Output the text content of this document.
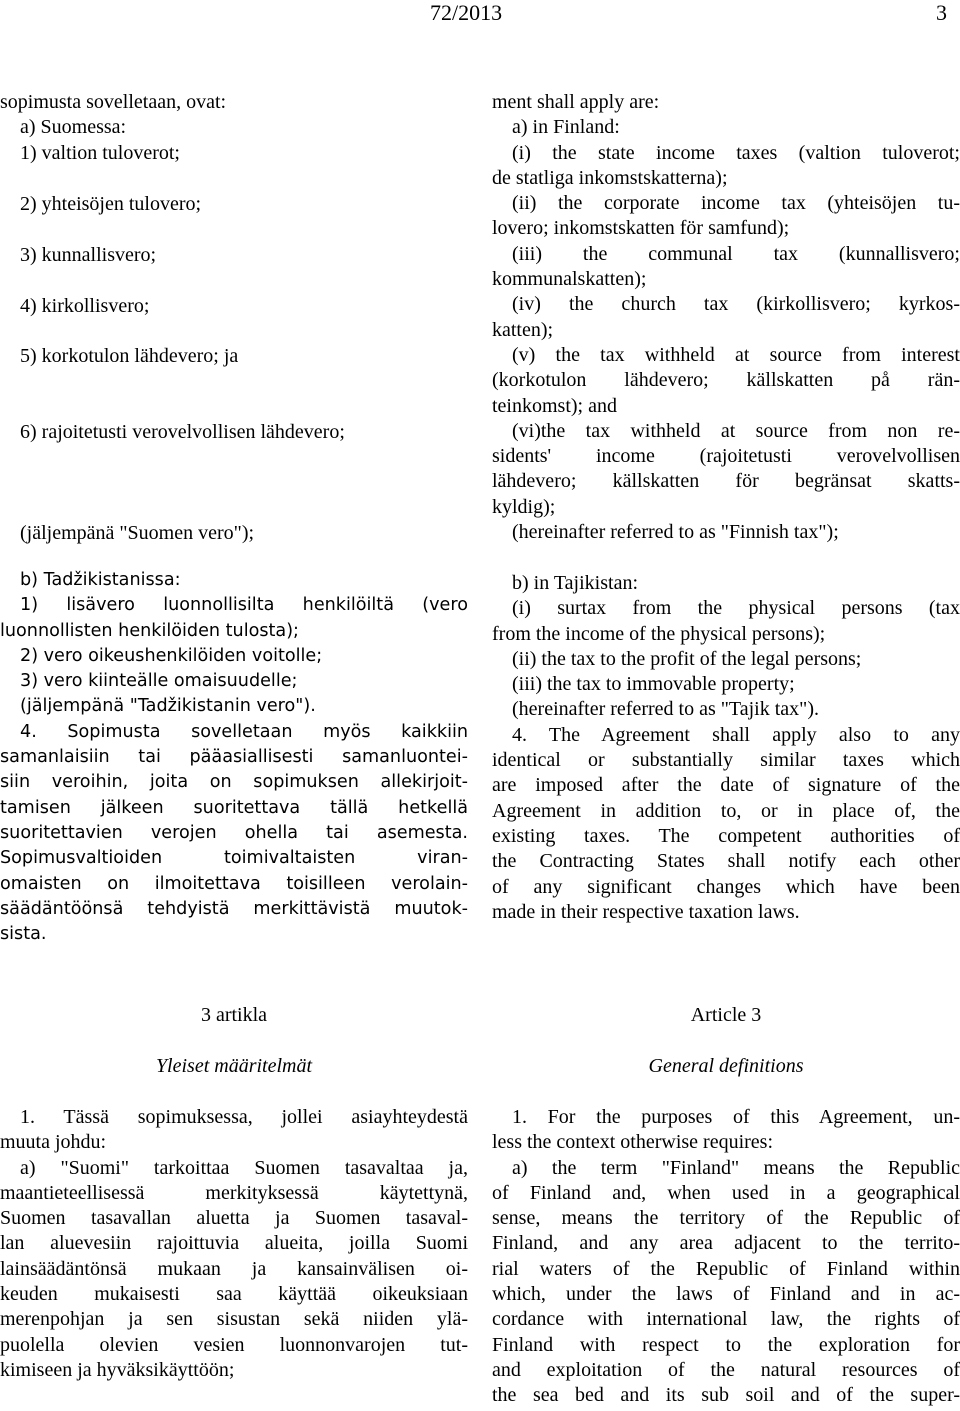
72/2013	3
sopimusta sovelletaan, ovat:
a) Suomessa:
1) valtion tuloverot;
2) yhteisöjen tulovero;
3) kunnallisvero;
4) kirkollisvero;
5) korkotulon lähdevero; ja
6) rajoitetusti verovelvollisen lähdevero;
(jäljempänä "Suomen vero");
b) Tadžikistanissa:
1) lisävero luonnollisilta henkilöiltä (vero
luonnollisten henkilöiden tulosta);
2) vero oikeushenkilöiden voitolle;
3) vero kiinteälle omaisuudelle;
(jäljempänä "Tadžikistanin vero").
4. Sopimusta sovelletaan myös kaikkiin
samanlaisiin tai pääasiallisesti samanluontei-
siin veroihin, joita on sopimuksen allekirjoit-
tamisen jälkeen suoritettava tällä hetkellä
suoritettavien verojen ohella tai asemesta.
Sopimusvaltioiden toimivaltaisten viran-
omaisten on ilmoitettava toisilleen verolain-
säädäntöönsä tehdyistä merkittävistä muutok-
sista.
3 artikla
Yleiset määritelmät
1. Tässä sopimuksessa, jollei asiayhteydestä
muuta johdu:
a) "Suomi" tarkoittaa Suomen tasavaltaa ja,
maantieteellisessä merkityksessä käytettynä,
Suomen tasavallan aluetta ja Suomen tasaval-
lan aluevesiin rajoittuvia alueita, joilla Suomi
lainsäädäntönsä mukaan ja kansainvälisen oi-
keuden mukaisesti saa käyttää oikeuksiaan
merenpohjan ja sen sisustan sekä niiden ylä-
puolella olevien vesien luonnonvarojen tut-
kimiseen ja hyväksikäyttöön;
ment shall apply are:
a) in Finland:
(i) the state income taxes (valtion tuloverot;
de statliga inkomstskatterna);
(ii) the corporate income tax (yhteisöjen tu-
lovero; inkomstskatten för samfund);
(iii) the communal tax (kunnallisvero;
kommunalskatten);
(iv) the church tax (kirkollisvero; kyrkos-
katten);
(v) the tax withheld at source from interest
(korkotulon lähdevero; källskatten på rän-
teinkomst); and
(vi)the tax withheld at source from non re-
sidents' income (rajoitetusti verovelvollisen
lähdevero; källskatten för begränsat skatts-
kyldig);
(hereinafter referred to as "Finnish tax");
b) in Tajikistan:
(i) surtax from the physical persons (tax
from the income of the physical persons);
(ii) the tax to the profit of the legal persons;
(iii) the tax to immovable property;
(hereinafter referred to as "Tajik tax").
4. The Agreement shall apply also to any
identical or substantially similar taxes which
are imposed after the date of signature of the
Agreement in addition to, or in place of, the
existing taxes. The competent authorities of
the Contracting States shall notify each other
of any significant changes which have been
made in their respective taxation laws.
Article 3
General definitions
1. For the purposes of this Agreement, un-
less the context otherwise requires:
a) the term "Finland" means the Republic
of Finland and, when used in a geographical
sense, means the territory of the Republic of
Finland, and any area adjacent to the territo-
rial waters of the Republic of Finland within
which, under the laws of Finland and in ac-
cordance with international law, the rights of
Finland with respect to the exploration for
and exploitation of the natural resources of
the sea bed and its sub soil and of the super-
